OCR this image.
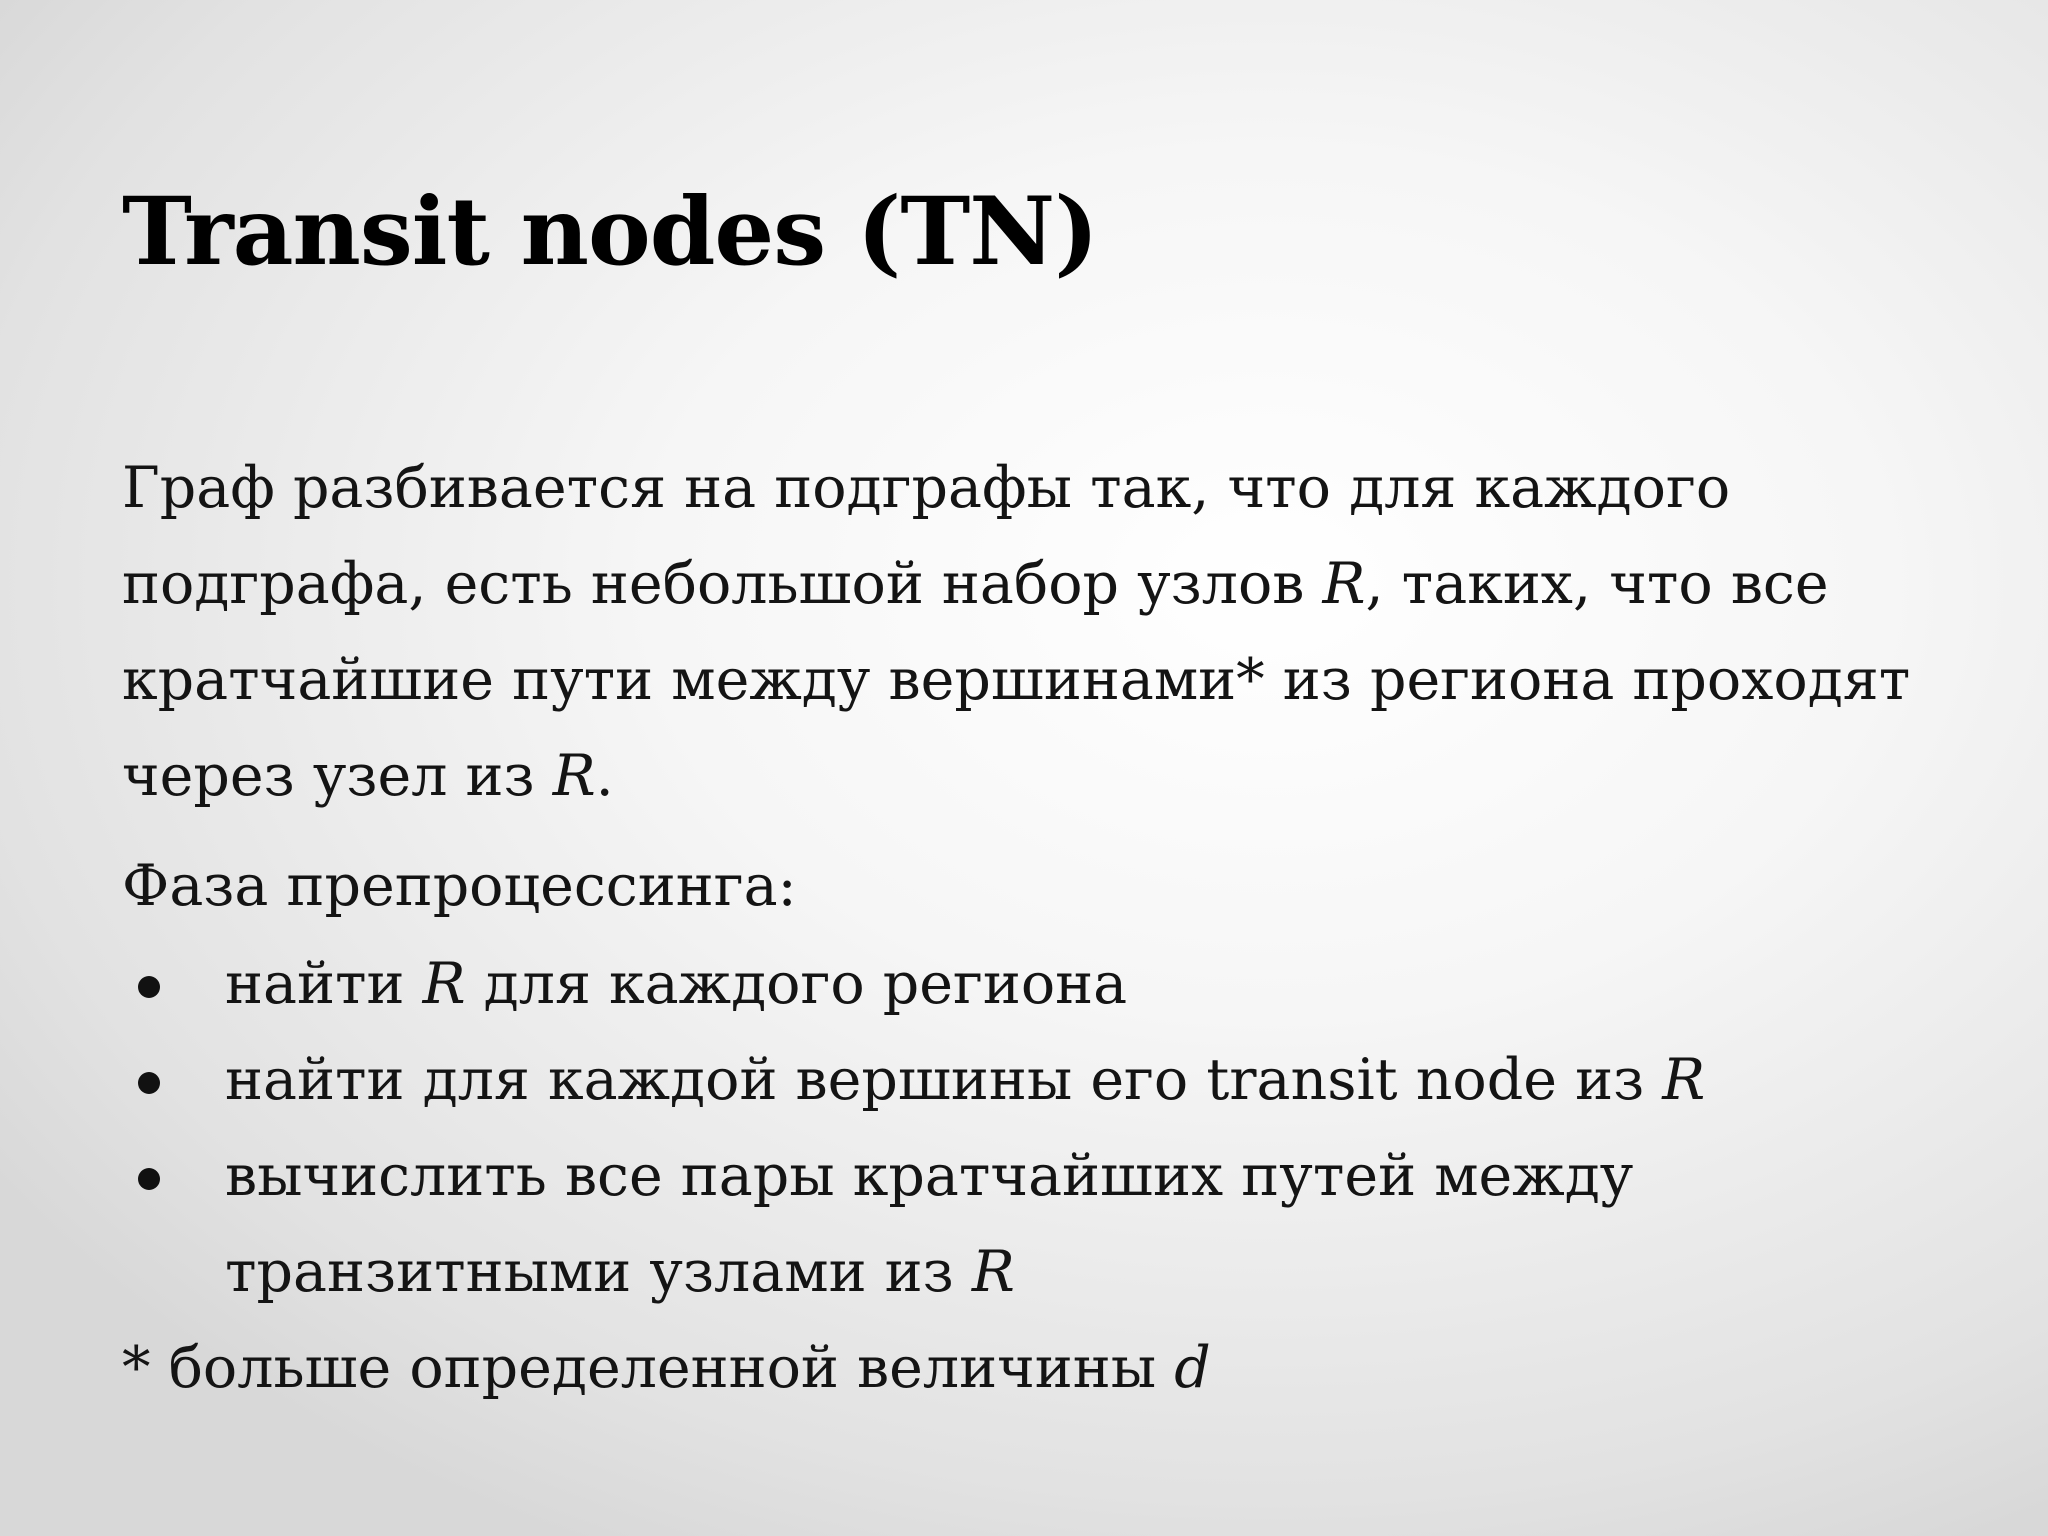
Transit nodes (TN)

Граф разбивается на подграфы так, что для каждого

подграфа, есть небольшой набор узлов R, таких, что все

кратчайшие пути между вершинами* из региона проходят

через узел из R.

Фаза препроцессинга:

найти R для каждого региона
найти для каждой вершины его transit node из R
вычислить все пары кратчайших путей между
транзитными узлами из R

* больше определенной величины d
